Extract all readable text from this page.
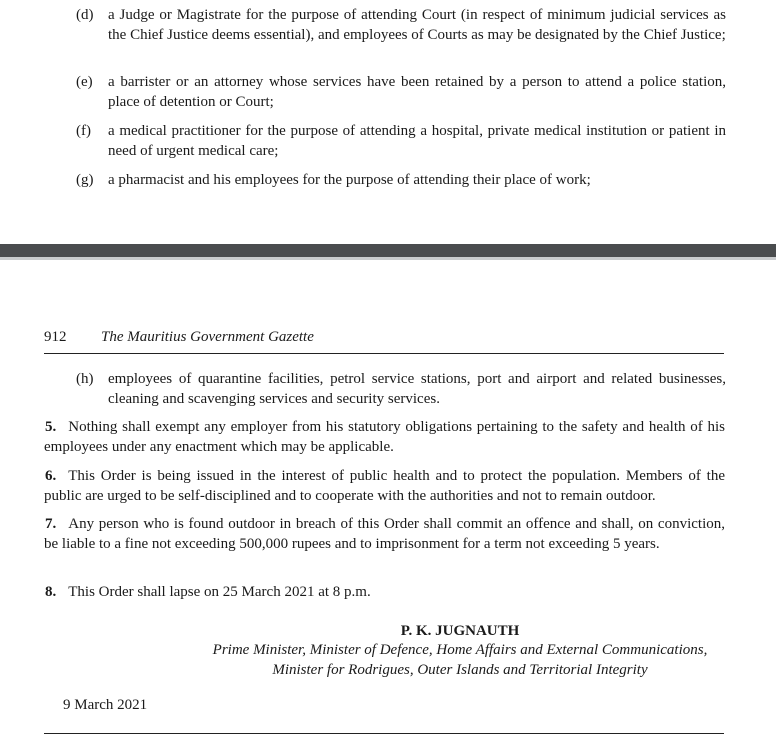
(d) a Judge or Magistrate for the purpose of attending Court (in respect of minimum judicial services as the Chief Justice deems essential), and employees of Courts as may be designated by the Chief Justice;
(e)	a barrister or an attorney whose services have been retained by a person to attend a police station, place of detention or Court;
(f)	a medical practitioner for the purpose of attending a hospital, private medical institution or patient in need of urgent medical care;
(g) a pharmacist and his employees for the purpose of attending their place of work;
912 The Mauritius Government Gazette
(h) employees of quarantine facilities, petrol service stations, port and airport and related businesses, cleaning and scavenging services and security services.
5. Nothing shall exempt any employer from his statutory obligations pertaining to the safety and health of his employees under any enactment which may be applicable.
6. This Order is being issued in the interest of public health and to protect the population. Members of the public are urged to be self-disciplined and to cooperate with the authorities and not to remain outdoor.
7. Any person who is found outdoor in breach of this Order shall commit an offence and shall, on conviction, be liable to a fine not exceeding 500,000 rupees and to imprisonment for a term not exceeding 5 years.
8. This Order shall lapse on 25 March 2021 at 8 p.m.
P. K. JUGNAUTH
Prime Minister, Minister of Defence, Home Affairs and External Communications,
Minister for Rodrigues, Outer Islands and Territorial Integrity
9 March 2021
